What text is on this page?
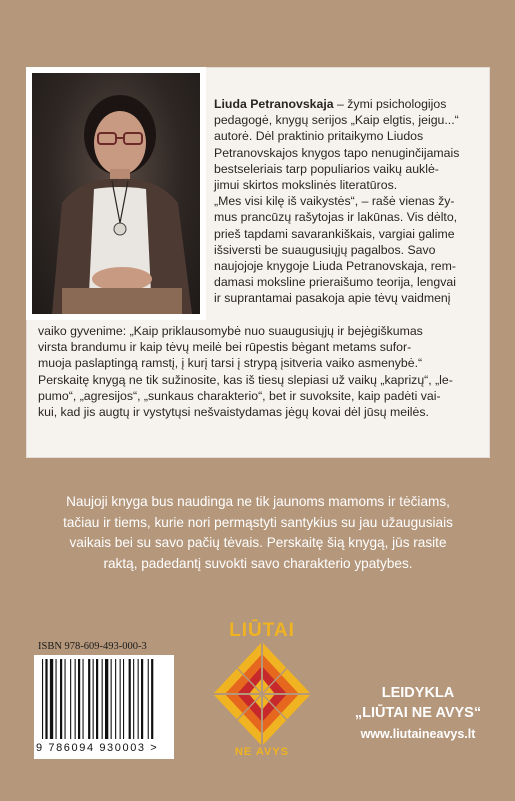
Liuda Petranovskaja – žymi psichologijos

pedagogė, knygų serijos „Kaip elgtis, jeigu...“

autorė. Dėl praktinio pritaikymo Liudos

Petranovskajos knygos tapo nenuginčijamais

bestseleriais tarp populiarios vaikų auklė-

jimui skirtos mokslinės literatūros.

„Mes visi kilę iš vaikystės“, – rašė vienas žy-

mus prancūzų rašytojas ir lakūnas. Vis dėlto,

prieš tapdami savarankiškais, vargiai galime

išsiversti be suaugusiųjų pagalbos. Savo

naujojoje knygoje Liuda Petranovskaja, rem-

damasi moksline prieraišumo teorija, lengvai

ir suprantamai pasakoja apie tėvų vaidmenį

vaiko gyvenime: „Kaip priklausomybė nuo suaugusiųjų ir bejėgiškumas

virsta brandumu ir kaip tėvų meilė bei rūpestis bėgant metams sufor-

muoja paslaptingą ramstį, į kurį tarsi į strypą įsitveria vaiko asmenybė.“

Perskaitę knygą ne tik sužinosite, kas iš tiesų slepiasi už vaikų „kaprizų“, „le-

pumo“, „agresijos“, „sunkaus charakterio“, bet ir suvoksite, kaip padėti vai-

kui, kad jis augtų ir vystytųsi nešvaistydamas jėgų kovai dėl jūsų meilės.

Naujoji knyga bus naudinga ne tik jaunoms mamoms ir tėčiams,
tačiau ir tiems, kurie nori permąstyti santykius su jau užaugusiais
vaikais bei su savo pačių tėvais. Perskaitę šią knygą, jūs rasite
raktą, padedantį suvokti savo charakterio ypatybes.
ISBN 978-609-493-000-3
9 786094 930003 >
LIŪTAI
NE AVYS
LEIDYKLA
„LIŪTAI NE AVYS“
www.liutaineavys.lt
